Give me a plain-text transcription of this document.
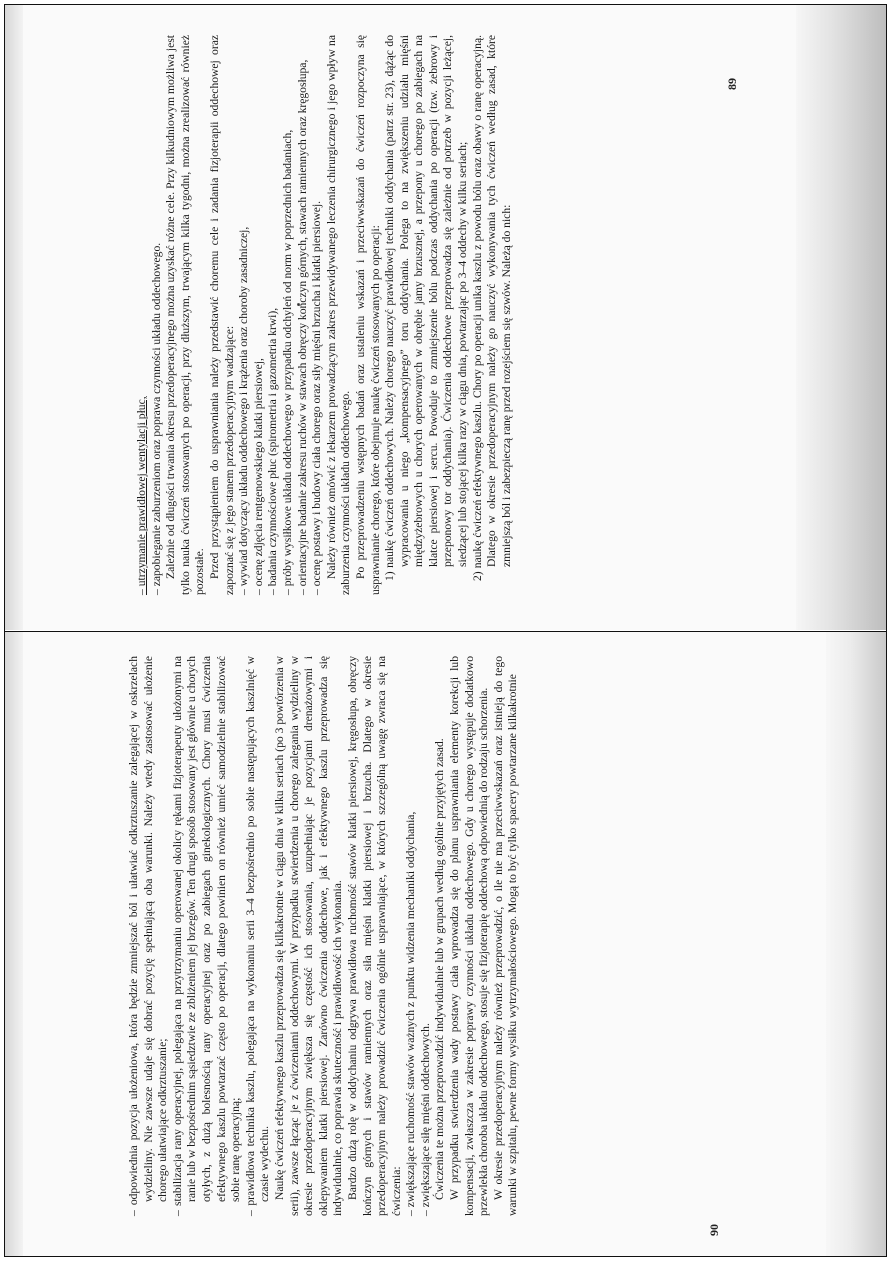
– utrzymanie prawidłowej wentylacji płuc, – zapobieganie zaburzeniom oraz poprawa czynności układu oddechowego. Zależnie od długości trwania okresu przedoperacyjnego można uzyskać różne cele. Przy kilkudniowym możliwa jest tylko nauka ćwiczeń stosowanych po operacji, przy dłuższym, trwającym kilka tygodni, można zrealizować również pozostałe. Przed przystąpieniem do usprawniania należy przedstawić choremu cele i zadania fizjoterapii oddechowej oraz zapoznać się z jego stanem przedoperacyjnym wadzające: – wywiad dotyczący układu oddechowego i krążenia oraz choroby zasadniczej, – ocenę zdjęcia rentgenowskiego klatki piersiowej, – badania czynnościowe płuc (spirometria i gazometria krwi), – próby wysiłkowe układu oddechowego w przypadku odchyleń od norm w poprzednich badaniach, – orientacyjne badanie zakresu ruchów w stawach obręczy kończyn górnych, stawach ramiennych oraz kręgosłupa, – ocenę postawy i budowy ciała chorego oraz siły mięśni brzucha i klatki piersiowej. Należy również omówić z lekarzem prowadzącym zakres przewidywanego leczenia chirurgicznego i jego wpływ na zaburzenia czynności układu oddechowego. Po przeprowadzeniu wstępnych badań oraz ustaleniu wskazań i przeciwwskazań do ćwiczeń rozpoczyna się usprawnianie chorego, które obejmuje naukę ćwiczeń stosowanych po operacji: 1) naukę ćwiczeń oddechowych. Należy chorego nauczyć prawidłowej techniki oddychania (patrz str. 23), dążąc do wypracowania u niego „kompensacyjnego” toru oddychania. Polega to na zwiększeniu udziału mięśni międzyżebrowych u chorych operowanych w obrębie jamy brzusznej, a przepony u chorego po zabiegach na klatce piersiowej i sercu. Powoduje to zmniejszenie bólu podczas oddychania po operacji (tzw. żebrowy i przeponowy tor oddychania). Ćwiczenia oddechowe przeprowadza się zależnie od potrzeb w pozycji leżącej, siedzącej lub stojącej kilka razy w ciągu dnia, powtarzając po 3–4 oddechy w kilku seriach; 2) naukę ćwiczeń efektywnego kaszlu. Chory po operacji unika kaszlu z powodu bólu oraz obawy o ranę operacyjną. Dlatego w okresie przedoperacyjnym należy go nauczyć wykonywania tych ćwiczeń według zasad, które zmniejszą ból i zabezpieczą ranę przed rozejściem się szwów. Należą do nich:

89

– odpowiednia pozycja ułożeniowa, która będzie zmniejszać ból i ułatwiać odkrztuszanie zalegającej w oskrzelach wydzieliny. Nie zawsze udaje się dobrać pozycję spełniającą oba warunki. Należy wtedy zastosować ułożenie chorego ułatwiające odkrztuszanie; – stabilizacja rany operacyjnej, polegająca na przytrzymaniu operowanej okolicy rękami fizjoterapeuty ułożonymi na ranie lub w bezpośrednim sąsiedztwie ze zbliżeniem jej brzegów. Ten drugi sposób stosowany jest głównie u chorych otyłych, z dużą bolesnością rany operacyjnej oraz po zabiegach ginekologicznych. Chory musi ćwiczenia efektywnego kaszlu powtarzać często po operacji, dlatego powinien on również umieć samodzielnie stabilizować sobie ranę operacyjną; – prawidłowa technika kaszlu, polegająca na wykonaniu serii 3–4 bezpośrednio po sobie następujących kaszlnięć w czasie wydechu. Naukę ćwiczeń efektywnego kaszlu przeprowadza się kilkakrotnie w ciągu dnia w kilku seriach (po 3 powtórzenia w serii), zawsze łącząc je z ćwiczeniami oddechowymi. W przypadku stwierdzenia u chorego zalegania wydzieliny w okresie przedoperacyjnym zwiększa się częstość ich stosowania, uzupełniając je pozycjami drenażowymi i oklepywaniem klatki piersiowej. Zarówno ćwiczenia oddechowe, jak i efektywnego kaszlu przeprowadza się indywidualnie, co poprawia skuteczność i prawidłowość ich wykonania. Bardzo dużą rolę w oddychaniu odgrywa prawidłowa ruchomość stawów klatki piersiowej, kręgosłupa, obręczy kończyn górnych i stawów ramiennych oraz siła mięśni klatki piersiowej i brzucha. Dlatego w okresie przedoperacyjnym należy prowadzić ćwiczenia ogólnie usprawniające, w których szczególną uwagę zwraca się na ćwiczenia: – zwiększające ruchomość stawów ważnych z punktu widzenia mechaniki oddychania, – zwiększające siłę mięśni oddechowych. Ćwiczenia te można przeprowadzić indywidualnie lub w grupach według ogólnie przyjętych zasad. W przypadku stwierdzenia wady postawy ciała wprowadza się do planu usprawniania elementy korekcji lub kompensacji, zwłaszcza w zakresie poprawy czynności układu oddechowego. Gdy u chorego występuje dodatkowo przewlekła choroba układu oddechowego, stosuje się fizjoterapię oddechową odpowiednią do rodzaju schorzenia. W okresie przedoperacyjnym należy również przeprowadzić, o ile nie ma przeciwwskazań oraz istnieją do tego warunki w szpitalu, pewne formy wysiłku wytrzymałościowego. Mogą to być tylko spacery powtarzane kilkakrotnie

90
